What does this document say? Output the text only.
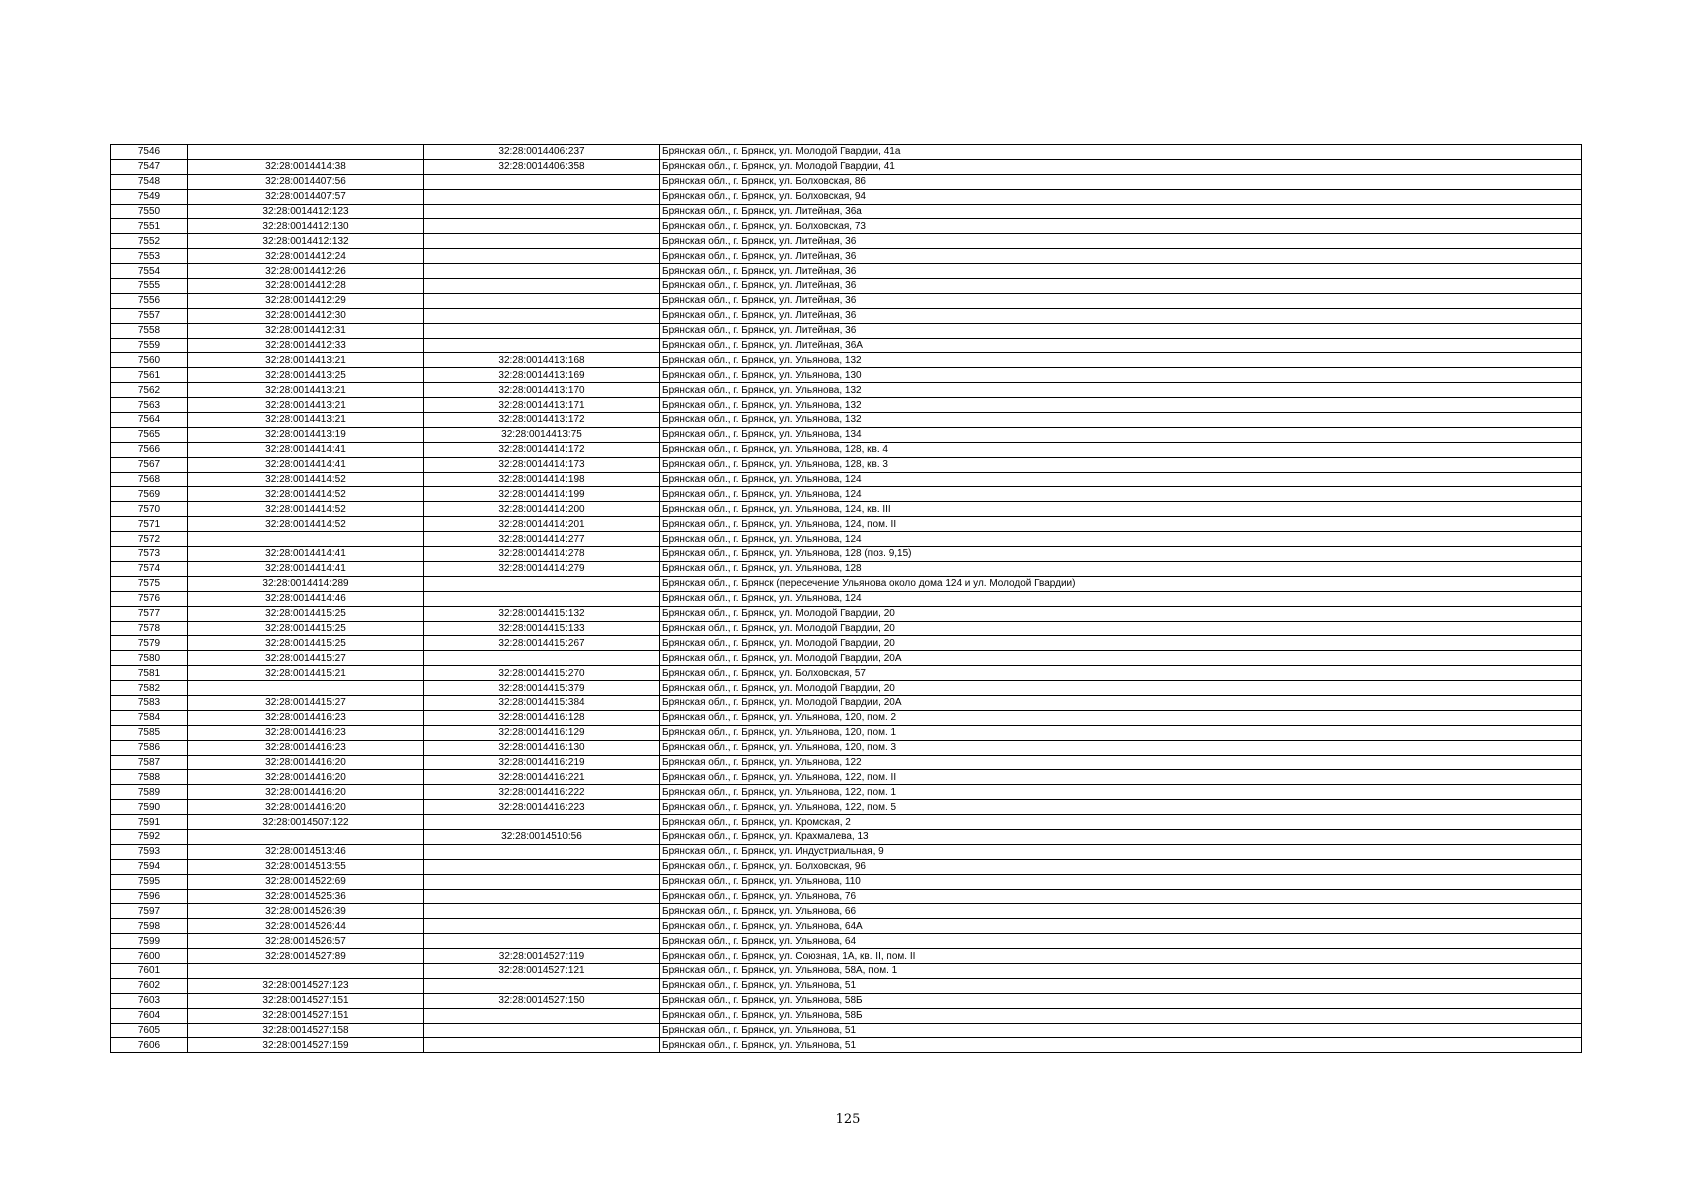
7546		32:28:0014406:237	Брянская обл., г. Брянск, ул. Молодой Гвардии, 41а
7547	32:28:0014414:38	32:28:0014406:358	Брянская обл., г. Брянск, ул. Молодой Гвардии, 41
7548	32:28:0014407:56		Брянская обл., г. Брянск, ул. Болховская, 86
7549	32:28:0014407:57		Брянская обл., г. Брянск, ул. Болховская, 94
7550	32:28:0014412:123		Брянская обл., г. Брянск, ул. Литейная, 36а
7551	32:28:0014412:130		Брянская обл., г. Брянск, ул. Болховская, 73
7552	32:28:0014412:132		Брянская обл., г. Брянск, ул. Литейная, 36
7553	32:28:0014412:24		Брянская обл., г. Брянск, ул. Литейная, 36
7554	32:28:0014412:26		Брянская обл., г. Брянск, ул. Литейная, 36
7555	32:28:0014412:28		Брянская обл., г. Брянск, ул. Литейная, 36
7556	32:28:0014412:29		Брянская обл., г. Брянск, ул. Литейная, 36
7557	32:28:0014412:30		Брянская обл., г. Брянск, ул. Литейная, 36
7558	32:28:0014412:31		Брянская обл., г. Брянск, ул. Литейная, 36
7559	32:28:0014412:33		Брянская обл., г. Брянск, ул. Литейная, 36А
7560	32:28:0014413:21	32:28:0014413:168	Брянская обл., г. Брянск, ул. Ульянова, 132
7561	32:28:0014413:25	32:28:0014413:169	Брянская обл., г. Брянск, ул. Ульянова, 130
7562	32:28:0014413:21	32:28:0014413:170	Брянская обл., г. Брянск, ул. Ульянова, 132
7563	32:28:0014413:21	32:28:0014413:171	Брянская обл., г. Брянск, ул. Ульянова, 132
7564	32:28:0014413:21	32:28:0014413:172	Брянская обл., г. Брянск, ул. Ульянова, 132
7565	32:28:0014413:19	32:28:0014413:75	Брянская обл., г. Брянск, ул. Ульянова, 134
7566	32:28:0014414:41	32:28:0014414:172	Брянская обл., г. Брянск, ул. Ульянова, 128, кв. 4
7567	32:28:0014414:41	32:28:0014414:173	Брянская обл., г. Брянск, ул. Ульянова, 128, кв. 3
7568	32:28:0014414:52	32:28:0014414:198	Брянская обл., г. Брянск, ул. Ульянова, 124
7569	32:28:0014414:52	32:28:0014414:199	Брянская обл., г. Брянск, ул. Ульянова, 124
7570	32:28:0014414:52	32:28:0014414:200	Брянская обл., г. Брянск, ул. Ульянова, 124, кв. III
7571	32:28:0014414:52	32:28:0014414:201	Брянская обл., г. Брянск, ул. Ульянова, 124, пом. II
7572		32:28:0014414:277	Брянская обл., г. Брянск, ул. Ульянова, 124
7573	32:28:0014414:41	32:28:0014414:278	Брянская обл., г. Брянск, ул. Ульянова, 128 (поз. 9,15)
7574	32:28:0014414:41	32:28:0014414:279	Брянская обл., г. Брянск, ул. Ульянова, 128
7575	32:28:0014414:289		Брянская обл., г. Брянск (пересечение Ульянова около дома 124 и ул. Молодой Гвардии)
7576	32:28:0014414:46		Брянская обл., г. Брянск, ул. Ульянова, 124
7577	32:28:0014415:25	32:28:0014415:132	Брянская обл., г. Брянск, ул. Молодой Гвардии, 20
7578	32:28:0014415:25	32:28:0014415:133	Брянская обл., г. Брянск, ул. Молодой Гвардии, 20
7579	32:28:0014415:25	32:28:0014415:267	Брянская обл., г. Брянск, ул. Молодой Гвардии, 20
7580	32:28:0014415:27		Брянская обл., г. Брянск, ул. Молодой Гвардии, 20А
7581	32:28:0014415:21	32:28:0014415:270	Брянская обл., г. Брянск, ул. Болховская, 57
7582		32:28:0014415:379	Брянская обл., г. Брянск, ул. Молодой Гвардии, 20
7583	32:28:0014415:27	32:28:0014415:384	Брянская обл., г. Брянск, ул. Молодой Гвардии, 20А
7584	32:28:0014416:23	32:28:0014416:128	Брянская обл., г. Брянск, ул. Ульянова, 120, пом. 2
7585	32:28:0014416:23	32:28:0014416:129	Брянская обл., г. Брянск, ул. Ульянова, 120, пом. 1
7586	32:28:0014416:23	32:28:0014416:130	Брянская обл., г. Брянск, ул. Ульянова, 120, пом. 3
7587	32:28:0014416:20	32:28:0014416:219	Брянская обл., г. Брянск, ул. Ульянова, 122
7588	32:28:0014416:20	32:28:0014416:221	Брянская обл., г. Брянск, ул. Ульянова, 122, пом. II
7589	32:28:0014416:20	32:28:0014416:222	Брянская обл., г. Брянск, ул. Ульянова, 122, пом. 1
7590	32:28:0014416:20	32:28:0014416:223	Брянская обл., г. Брянск, ул. Ульянова, 122, пом. 5
7591	32:28:0014507:122		Брянская обл., г. Брянск, ул. Кромская, 2
7592		32:28:0014510:56	Брянская обл., г. Брянск, ул. Крахмалева, 13
7593	32:28:0014513:46		Брянская обл., г. Брянск, ул. Индустриальная, 9
7594	32:28:0014513:55		Брянская обл., г. Брянск, ул. Болховская, 96
7595	32:28:0014522:69		Брянская обл., г. Брянск, ул. Ульянова, 110
7596	32:28:0014525:36		Брянская обл., г. Брянск, ул. Ульянова, 76
7597	32:28:0014526:39		Брянская обл., г. Брянск, ул. Ульянова, 66
7598	32:28:0014526:44		Брянская обл., г. Брянск, ул. Ульянова, 64А
7599	32:28:0014526:57		Брянская обл., г. Брянск, ул. Ульянова, 64
7600	32:28:0014527:89	32:28:0014527:119	Брянская обл., г. Брянск, ул. Союзная, 1А, кв. II, пом. II
7601		32:28:0014527:121	Брянская обл., г. Брянск, ул. Ульянова, 58А, пом. 1
7602	32:28:0014527:123		Брянская обл., г. Брянск, ул. Ульянова, 51
7603	32:28:0014527:151	32:28:0014527:150	Брянская обл., г. Брянск, ул. Ульянова, 58Б
7604	32:28:0014527:151		Брянская обл., г. Брянск, ул. Ульянова, 58Б
7605	32:28:0014527:158		Брянская обл., г. Брянск, ул. Ульянова, 51
7606	32:28:0014527:159		Брянская обл., г. Брянск, ул. Ульянова, 51
125
